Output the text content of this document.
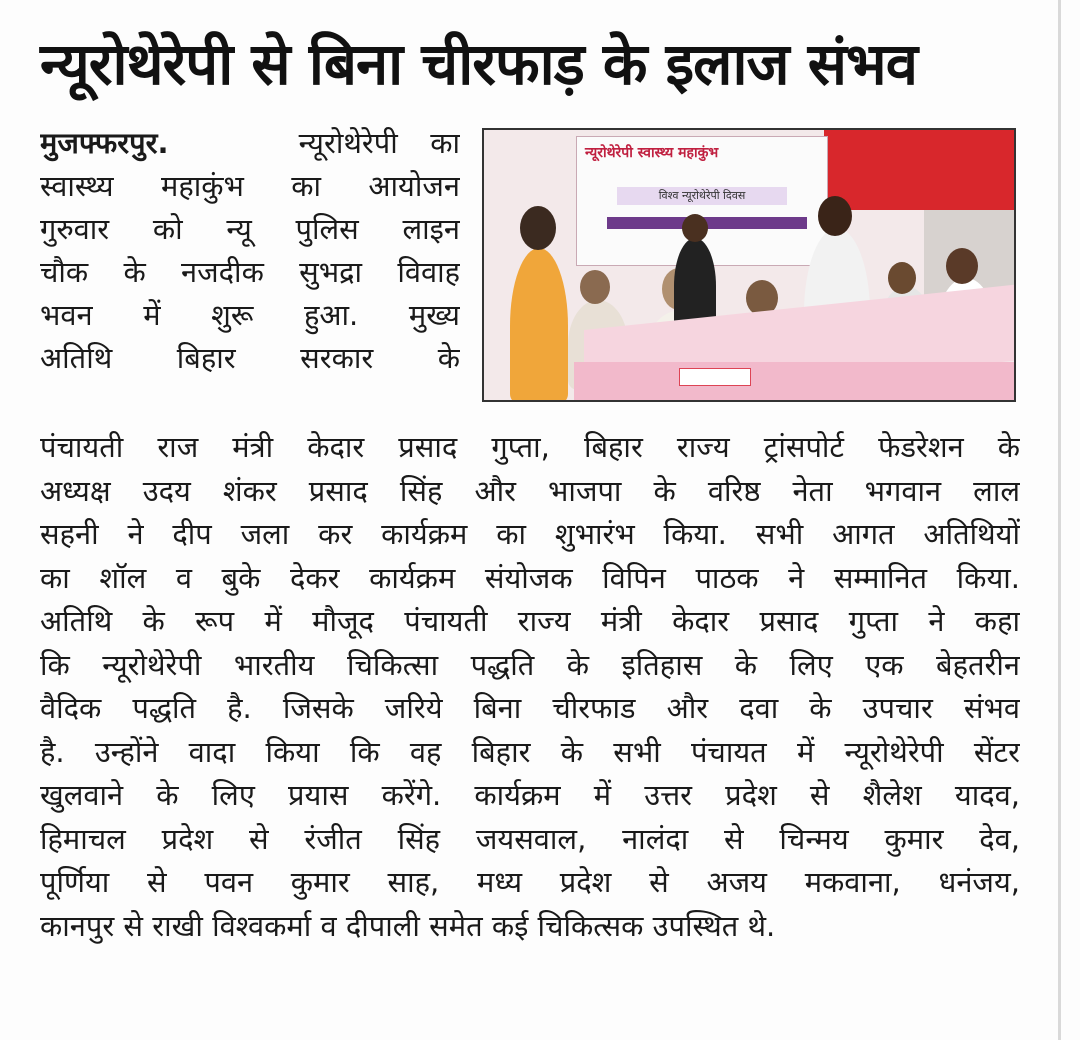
न्यूरोथेरेपी से बिना चीरफाड़ के इलाज संभव
मुजफ्फरपुर.	न्यूरोथेरेपी का
स्वास्थ्य महाकुंभ का आयोजन
गुरुवार को न्यू पुलिस लाइन
चौक के नजदीक सुभद्रा विवाह
भवन में शुरू हुआ. मुख्य
अतिथि बिहार सरकार के
न्यूरोथेरेपी स्वास्थ्य महाकुंभ
विश्व न्यूरोथेरेपी दिवस
पंचायती राज मंत्री केदार प्रसाद गुप्ता, बिहार राज्य ट्रांसपोर्ट फेडरेशन के
अध्यक्ष उदय शंकर प्रसाद सिंह और भाजपा के वरिष्ठ नेता भगवान लाल
सहनी ने दीप जला कर कार्यक्रम का शुभारंभ किया. सभी आगत अतिथियों
का शॉल व बुके देकर कार्यक्रम संयोजक विपिन पाठक ने सम्मानित किया.
अतिथि के रूप में मौजूद पंचायती राज्य मंत्री केदार प्रसाद गुप्ता ने कहा
कि न्यूरोथेरेपी भारतीय चिकित्सा पद्धति के इतिहास के लिए एक बेहतरीन
वैदिक पद्धति है. जिसके जरिये बिना चीरफाड और दवा के उपचार संभव
है. उन्होंने वादा किया कि वह बिहार के सभी पंचायत में न्यूरोथेरेपी सेंटर
खुलवाने के लिए प्रयास करेंगे. कार्यक्रम में उत्तर प्रदेश से शैलेश यादव,
हिमाचल प्रदेश से रंजीत सिंह जयसवाल, नालंदा से चिन्मय कुमार देव,
पूर्णिया से पवन कुमार साह, मध्य प्रदेश से अजय मकवाना, धनंजय,
कानपुर से राखी विश्वकर्मा व दीपाली समेत कई चिकित्सक उपस्थित थे.
